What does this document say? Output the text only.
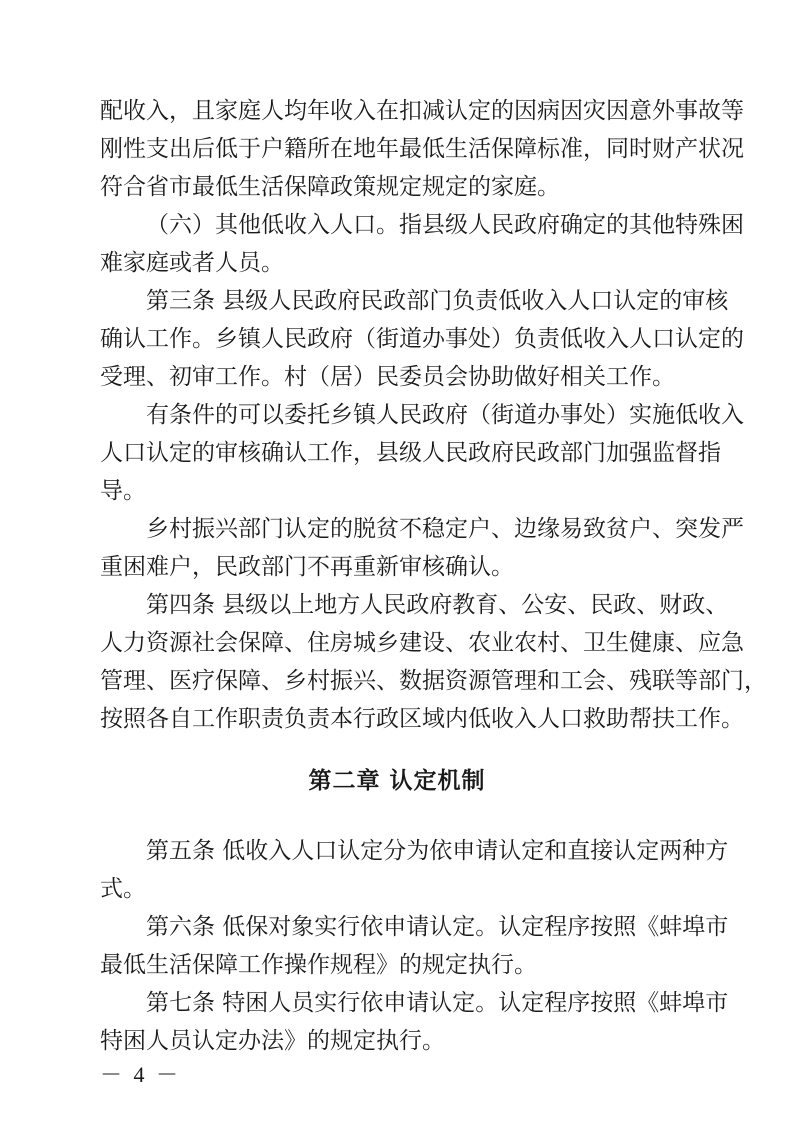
配收入，且家庭人均年收入在扣减认定的因病因灾因意外事故等

刚性支出后低于户籍所在地年最低生活保障标准，同时财产状况

符合省市最低生活保障政策规定规定的家庭。

（六）其他低收入人口。指县级人民政府确定的其他特殊困

难家庭或者人员。

第三条 县级人民政府民政部门负责低收入人口认定的审核

确认工作。乡镇人民政府（街道办事处）负责低收入人口认定的

受理、初审工作。村（居）民委员会协助做好相关工作。

有条件的可以委托乡镇人民政府（街道办事处）实施低收入

人口认定的审核确认工作，县级人民政府民政部门加强监督指

导。

乡村振兴部门认定的脱贫不稳定户、边缘易致贫户、突发严

重困难户，民政部门不再重新审核确认。

第四条 县级以上地方人民政府教育、公安、民政、财政、

人力资源社会保障、住房城乡建设、农业农村、卫生健康、应急

管理、医疗保障、乡村振兴、数据资源管理和工会、残联等部门，

按照各自工作职责负责本行政区域内低收入人口救助帮扶工作。

第二章 认定机制

第五条 低收入人口认定分为依申请认定和直接认定两种方

式。

第六条 低保对象实行依申请认定。认定程序按照《蚌埠市

最低生活保障工作操作规程》的规定执行。

第七条 特困人员实行依申请认定。认定程序按照《蚌埠市

特困人员认定办法》的规定执行。

－ 4 －
